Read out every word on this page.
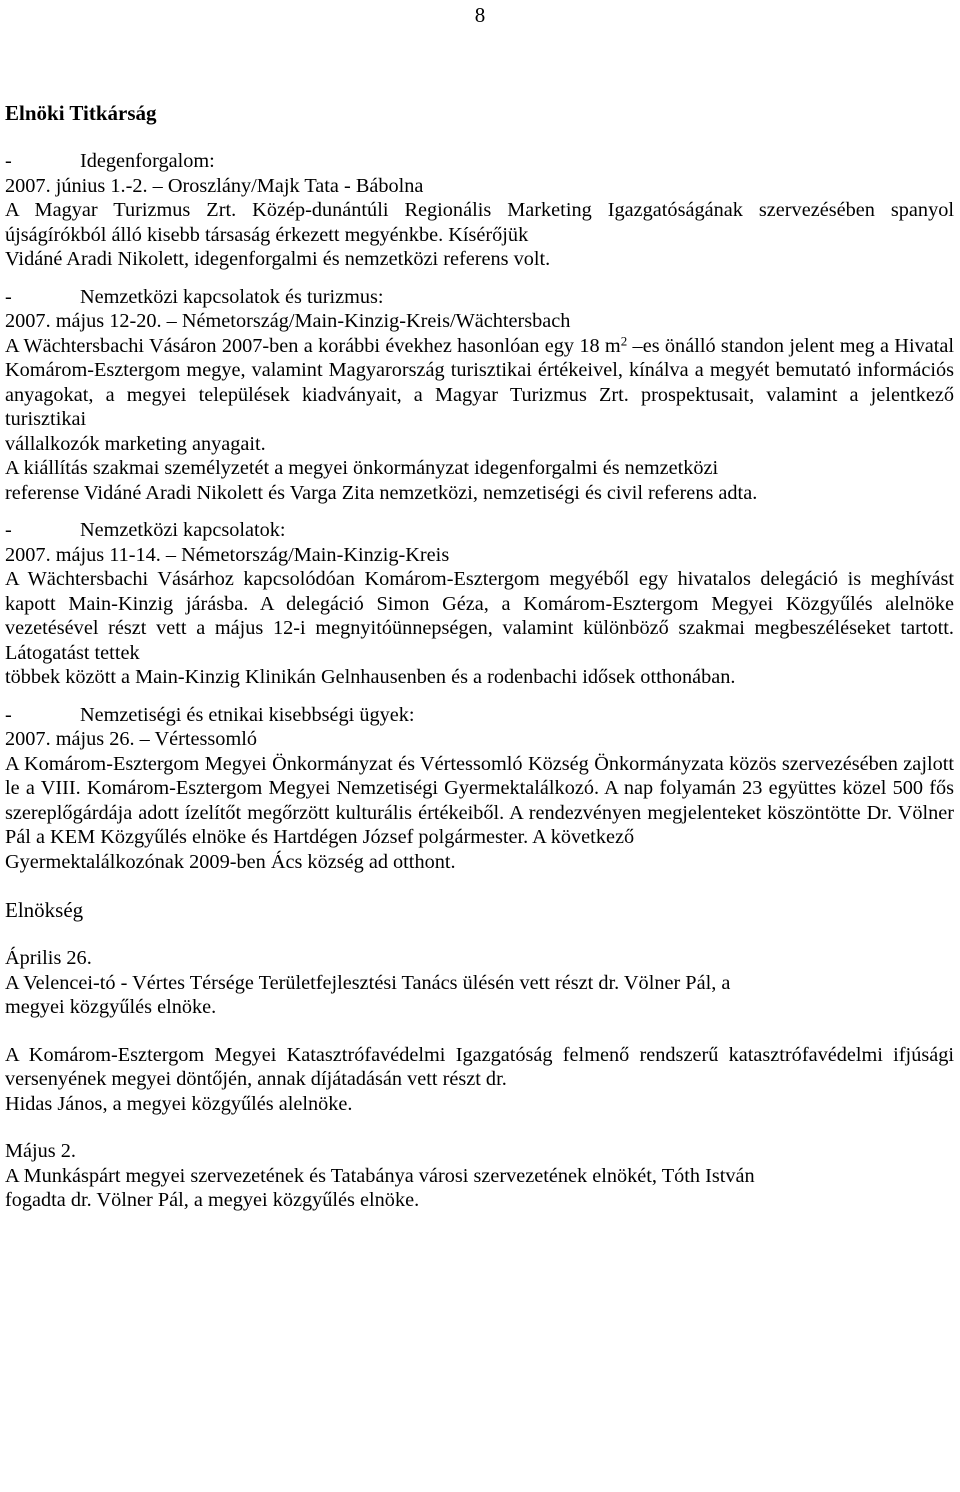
8

Elnöki Titkárság

-	Idegenforgalom:

2007. június 1.-2. – Oroszlány/Majk Tata - Bábolna

A Magyar Turizmus Zrt. Közép-dunántúli Regionális Marketing Igazgatóságának szervezésében spanyol újságírókból álló kisebb társaság érkezett megyénkbe. Kísérőjük

Vidáné Aradi Nikolett, idegenforgalmi és nemzetközi referens volt.

-	Nemzetközi kapcsolatok és turizmus:

2007. május 12-20. – Németország/Main-Kinzig-Kreis/Wächtersbach

A Wächtersbachi Vásáron 2007-ben a korábbi évekhez hasonlóan egy 18 $m^2$ –es önálló standon jelent meg a Hivatal Komárom-Esztergom megye, valamint Magyarország turisztikai értékeivel, kínálva a megyét bemutató információs anyagokat, a megyei települések kiadványait, a Magyar Turizmus Zrt. prospektusait, valamint a jelentkező turisztikai

vállalkozók marketing anyagait.

A kiállítás szakmai személyzetét a megyei önkormányzat idegenforgalmi és nemzetközi

referense Vidáné Aradi Nikolett és Varga Zita nemzetközi, nemzetiségi és civil referens adta.

-	Nemzetközi kapcsolatok:

2007. május 11-14. – Németország/Main-Kinzig-Kreis

A Wächtersbachi Vásárhoz kapcsolódóan Komárom-Esztergom megyéből egy hivatalos delegáció is meghívást kapott Main-Kinzig járásba. A delegáció Simon Géza, a Komárom-Esztergom Megyei Közgyűlés alelnöke vezetésével részt vett a május 12-i megnyitóünnepségen, valamint különböző szakmai megbeszéléseket tartott. Látogatást tettek

többek között a Main-Kinzig Klinikán Gelnhausenben és a rodenbachi idősek otthonában.

-	Nemzetiségi és etnikai kisebbségi ügyek:

2007. május 26. – Vértessomló

A Komárom-Esztergom Megyei Önkormányzat és Vértessomló Község Önkormányzata közös szervezésében zajlott le a VIII. Komárom-Esztergom Megyei Nemzetiségi Gyermektalálkozó. A nap folyamán 23 együttes közel 500 fős szereplőgárdája adott ízelítőt megőrzött kulturális értékeiből. A rendezvényen megjelenteket köszöntötte Dr. Völner Pál a KEM Közgyűlés elnöke és Hartdégen József polgármester. A következő

Gyermektalálkozónak 2009-ben Ács község ad otthont.

Elnökség

Április 26.

A Velencei-tó - Vértes Térsége Területfejlesztési Tanács ülésén vett részt dr. Völner Pál, a

megyei közgyűlés elnöke.

A Komárom-Esztergom Megyei Katasztrófavédelmi Igazgatóság felmenő rendszerű katasztrófavédelmi ifjúsági versenyének megyei döntőjén, annak díjátadásán vett részt dr.

Hidas János, a megyei közgyűlés alelnöke.

Május 2.

A Munkáspárt megyei szervezetének és Tatabánya városi szervezetének elnökét, Tóth István

fogadta dr. Völner Pál, a megyei közgyűlés elnöke.
